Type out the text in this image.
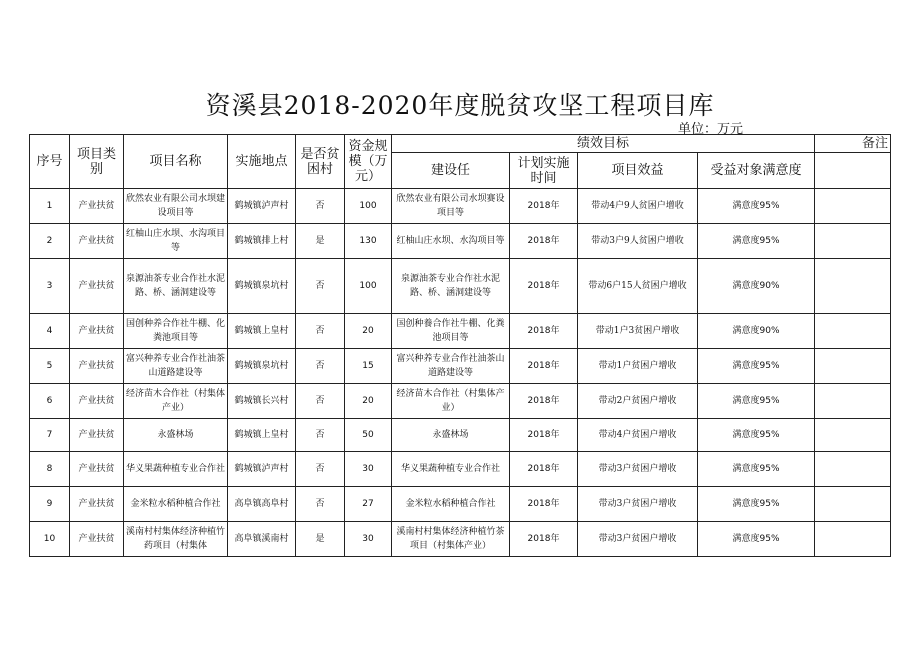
资溪县2018-2020年度脱贫攻坚工程项目库
单位：万元
序号	项目类别	项目名称	实施地点	是否贫困村	资金规模（万元）	绩效目标				备注
						建设任	计划实施时间	项目效益	受益对象满意度	
1	产业扶贫	欣然农业有限公司水坝建设项目等	鹤城镇泸声村	否	100	欣然农业有限公司水坝赛设项目等	2018年	带动4户9人贫困户增收	满意度95%	
2	产业扶贫	红柚山庄水坝、水沟项目等	鹤城镇排上村	是	130	红柚山庄水坝、水沟项目等	2018年	带动3户9人贫困户增收	满意度95%	
3	产业扶贫	泉源油茶专业合作社水泥路、桥、涵洞建设等	鹤城镇泉坑村	否	100	泉源油茶专业合作社水泥路、桥、涵洞建设等	2018年	带动6户15人贫困户增收	满意度90%	
4	产业扶贫	国创种养合作社牛棚、化粪池项目等	鹤城镇上皇村	否	20	国创种養合作社牛棚、化粪池项目等	2018年	带动1户3贫困户增收	满意度90%	
5	产业扶贫	富兴种养专业合作社油茶山道路建设等	鹤城镇泉坑村	否	15	富兴种养专业合作社油茶山道路建设等	2018年	带动1户贫困户增收	满意度95%	
6	产业扶贫	经济苗木合作社（村集体产业）	鹤城镇长兴村	否	20	经济苗木合作社（村集体产业）	2018年	带动2户贫困户增收	满意度95%	
7	产业扶贫	永盛林场	鹤城镇上皇村	否	50	永盛林场	2018年	带动4户贫困户增收	满意度95%	
8	产业扶贫	华义果蔬种植专业合作社	鹤城镇泸声村	否	30	华义果蔬种植专业合作社	2018年	带动3户贫困户增收	满意度95%	
9	产业扶贫	金米粒水稻种植合作社	高阜镇高阜村	否	27	金米粒水稻种植合作社	2018年	带动3户贫困户增收	满意度95%	
10	产业扶贫	溪南村村集体经济种植竹药项目（村集体	高阜镇溪南村	是	30	溪南村村集体经济种植竹茶项目（村集体产业）	2018年	带动3户贫困户增收	满意度95%	
